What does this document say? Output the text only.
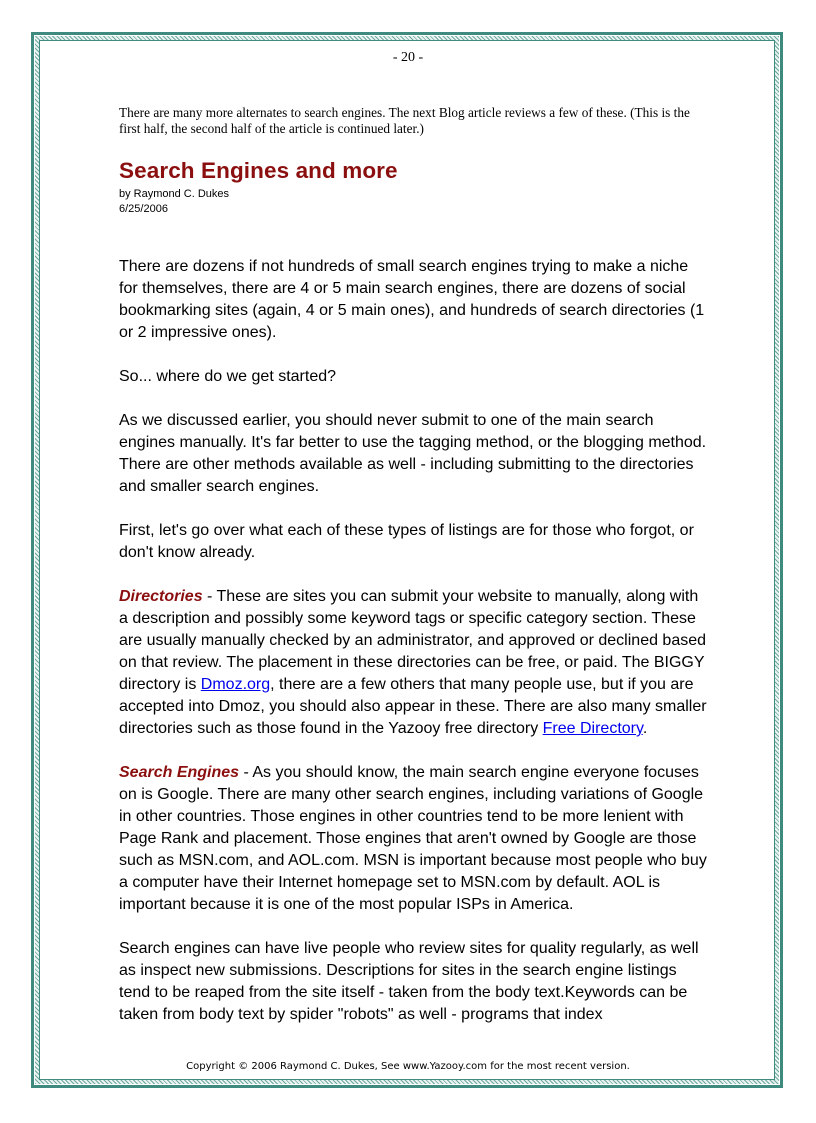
- 20 -

There are many more alternates to search engines. The next Blog article reviews a few of these. (This is the first half, the second half of the article is continued later.)

Search Engines and more

by Raymond C. Dukes

6/25/2006

There are dozens if not hundreds of small search engines trying to make a niche for themselves, there are 4 or 5 main search engines, there are dozens of social bookmarking sites (again, 4 or 5 main ones), and hundreds of search directories (1 or 2 impressive ones).

So... where do we get started?

As we discussed earlier, you should never submit to one of the main search engines manually. It's far better to use the tagging method, or the blogging method. There are other methods available as well - including submitting to the directories and smaller search engines.

First, let's go over what each of these types of listings are for those who forgot, or don't know already.

Directories - These are sites you can submit your website to manually, along with a description and possibly some keyword tags or specific category section. These are usually manually checked by an administrator, and approved or declined based on that review. The placement in these directories can be free, or paid. The BIGGY directory is Dmoz.org, there are a few others that many people use, but if you are accepted into Dmoz, you should also appear in these. There are also many smaller directories such as those found in the Yazooy free directory Free Directory.

Search Engines - As you should know, the main search engine everyone focuses on is Google. There are many other search engines, including variations of Google in other countries. Those engines in other countries tend to be more lenient with Page Rank and placement. Those engines that aren't owned by Google are those such as MSN.com, and AOL.com. MSN is important because most people who buy a computer have their Internet homepage set to MSN.com by default. AOL is important because it is one of the most popular ISPs in America.

Search engines can have live people who review sites for quality regularly, as well as inspect new submissions. Descriptions for sites in the search engine listings tend to be reaped from the site itself - taken from the body text.Keywords can be taken from body text by spider "robots" as well - programs that index

Copyright © 2006 Raymond C. Dukes, See www.Yazooy.com for the most recent version.
